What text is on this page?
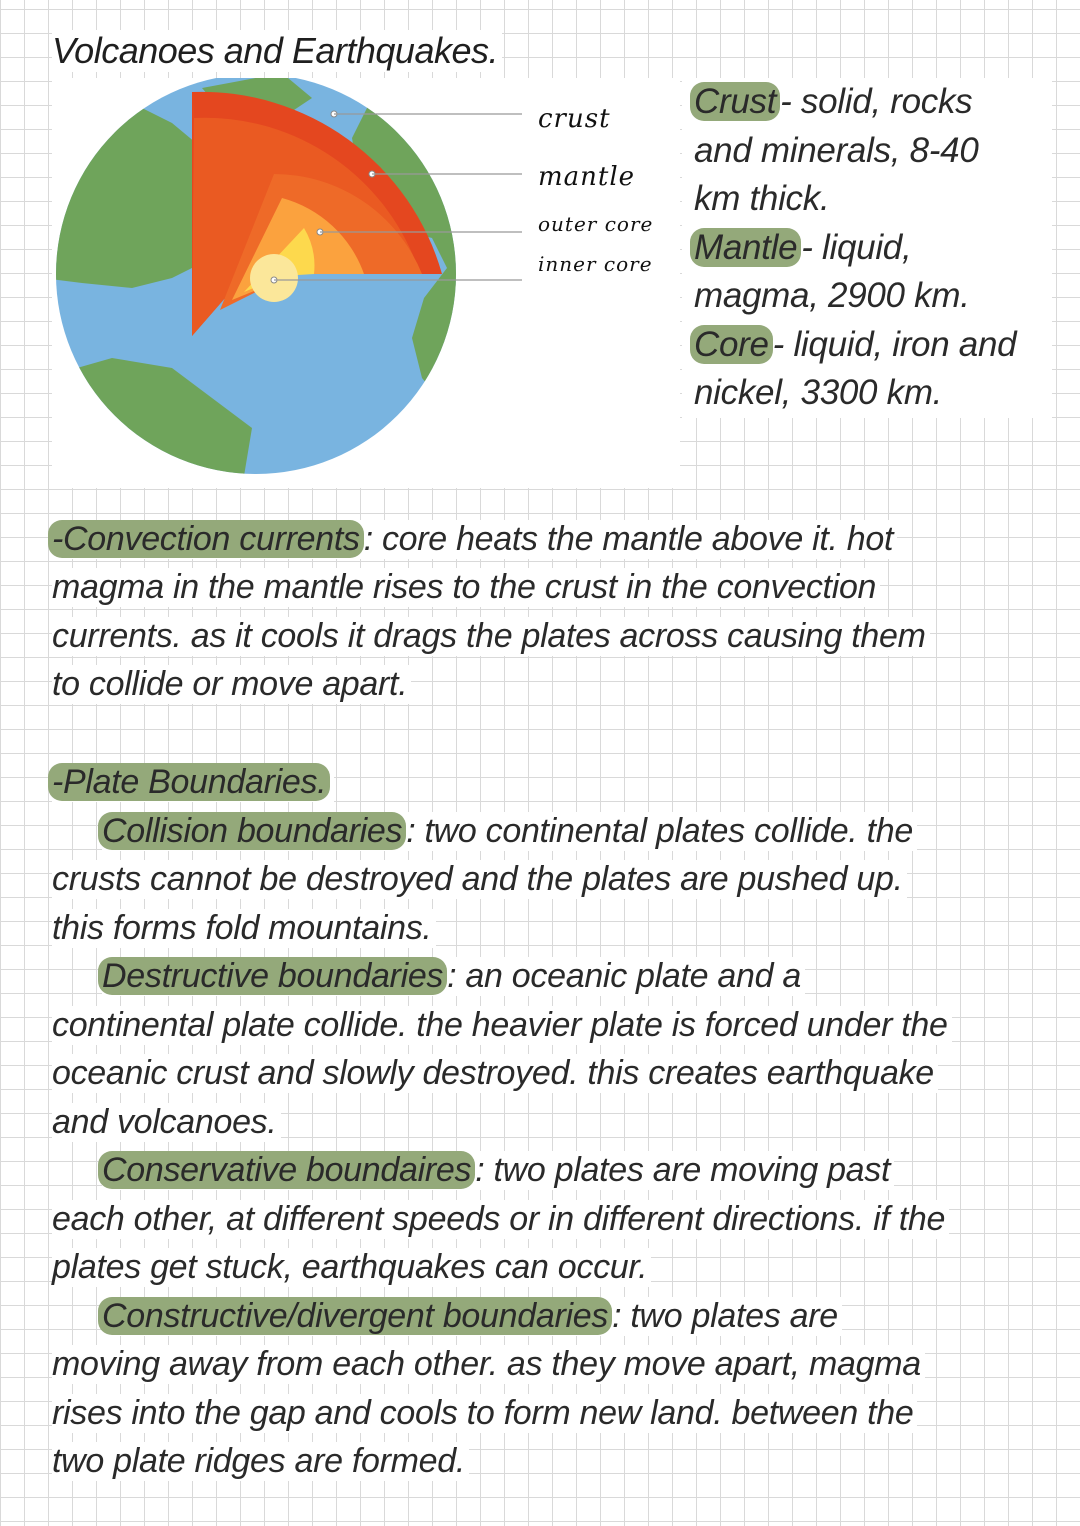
Volcanoes and Earthquakes.
crust
mantle
outer core
inner core
Crust - solid, rocks
and minerals, 8-40
km thick.
Mantle - liquid,
magma, 2900 km.
Core - liquid, iron and
nickel, 3300 km.
-Convection currents : core heats the mantle above it. hot
magma in the mantle rises to the crust in the convection
currents. as it cools it drags the plates across causing them
to collide or move apart.
-Plate Boundaries.
Collision boundaries : two continental plates collide. the
crusts cannot be destroyed and the plates are pushed up.
this forms fold mountains.
Destructive boundaries : an oceanic plate and a
continental plate collide. the heavier plate is forced under the
oceanic crust and slowly destroyed. this creates earthquake
and volcanoes.
Conservative boundaires : two plates are moving past
each other, at different speeds or in different directions. if the
plates get stuck, earthquakes can occur.
Constructive/divergent boundaries : two plates are
moving away from each other. as they move apart, magma
rises into the gap and cools to form new land. between the
two plate ridges are formed.
